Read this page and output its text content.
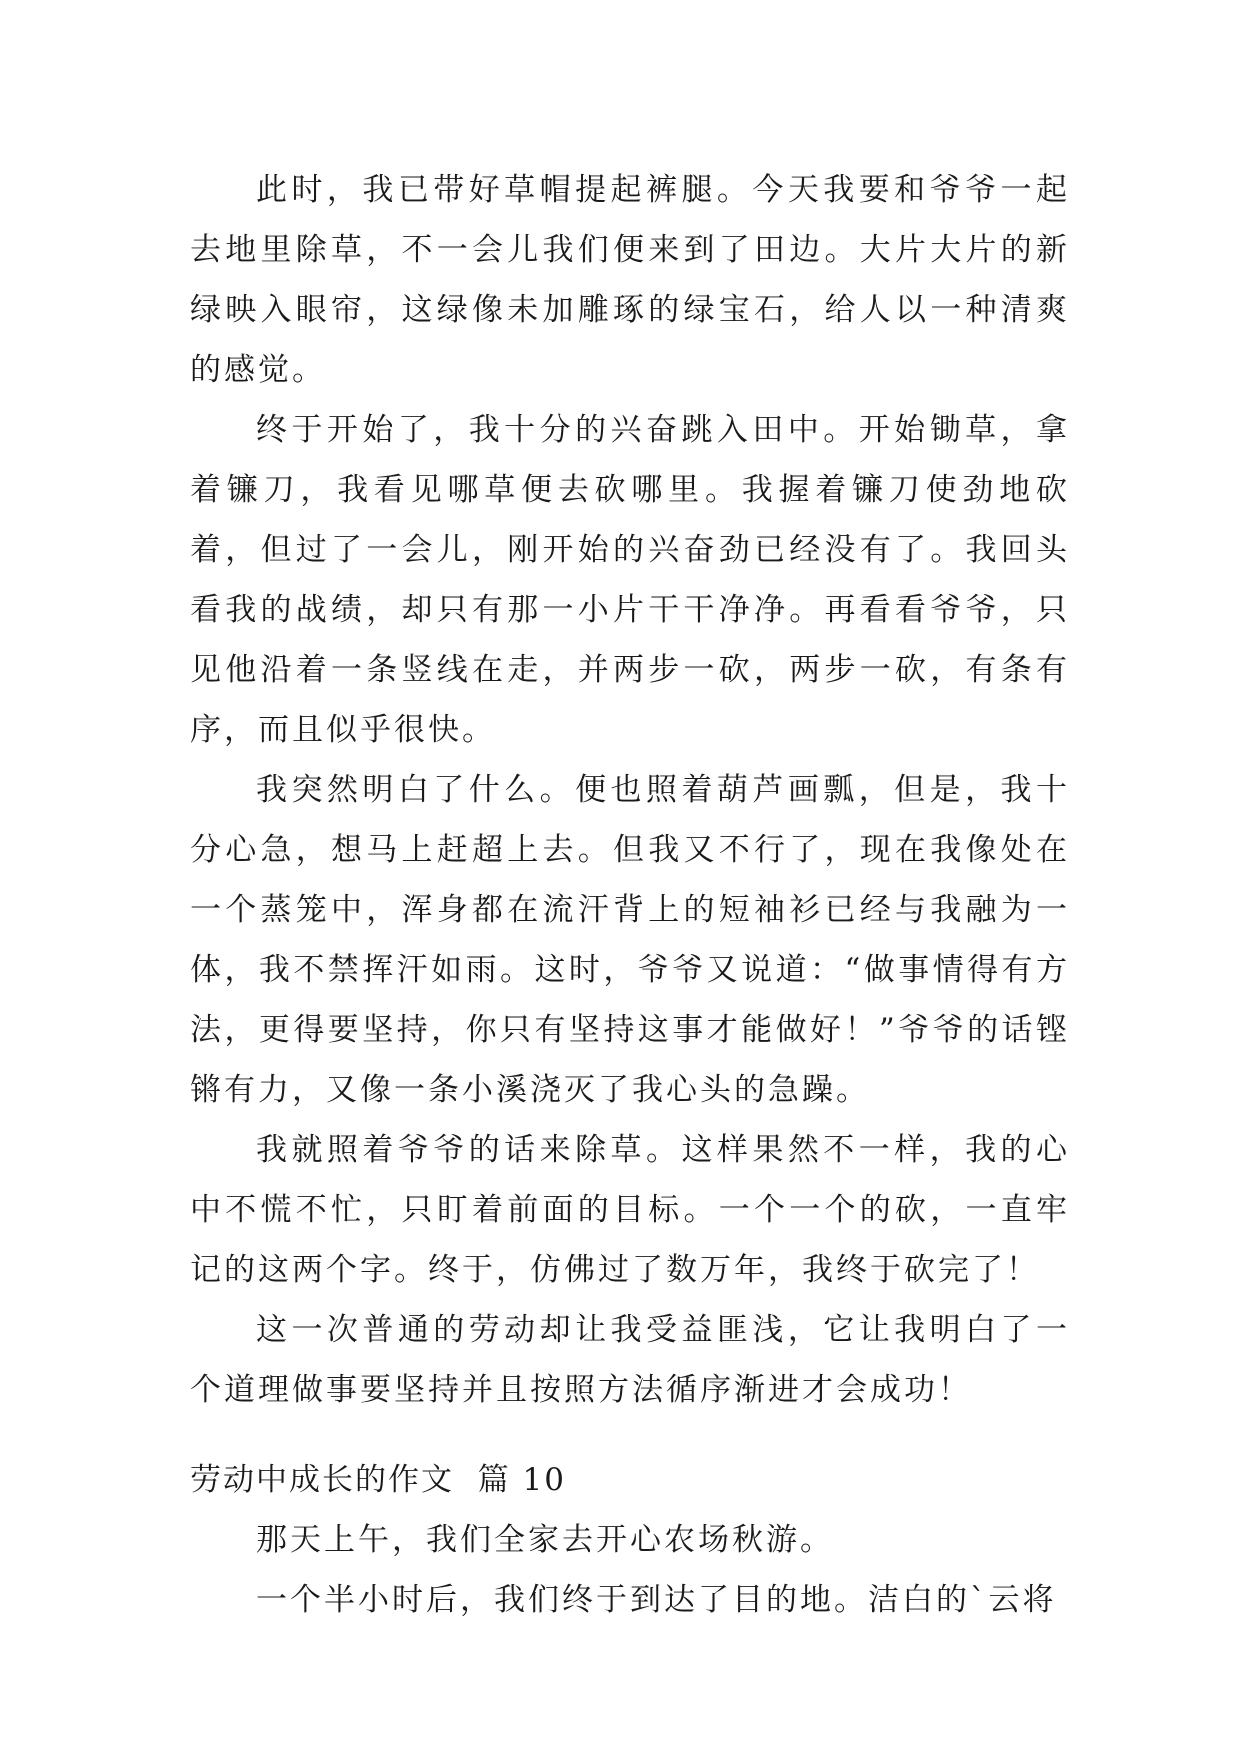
此时，我已带好草帽提起裤腿。今天我要和爷爷一起去地里除草，不一会儿我们便来到了田边。大片大片的新绿映入眼帘，这绿像未加雕琢的绿宝石，给人以一种清爽的感觉。

终于开始了，我十分的兴奋跳入田中。开始锄草，拿着镰刀，我看见哪草便去砍哪里。我握着镰刀使劲地砍着，但过了一会儿，刚开始的兴奋劲已经没有了。我回头看我的战绩，却只有那一小片干干净净。再看看爷爷，只见他沿着一条竖线在走，并两步一砍，两步一砍，有条有序，而且似乎很快。

我突然明白了什么。便也照着葫芦画瓢，但是，我十分心急，想马上赶超上去。但我又不行了，现在我像处在一个蒸笼中，浑身都在流汗背上的短袖衫已经与我融为一体，我不禁挥汗如雨。这时，爷爷又说道：“做事情得有方法，更得要坚持，你只有坚持这事才能做好！”爷爷的话铿锵有力，又像一条小溪浇灭了我心头的急躁。

我就照着爷爷的话来除草。这样果然不一样，我的心中不慌不忙，只盯着前面的目标。一个一个的砍，一直牢记的这两个字。终于，仿佛过了数万年，我终于砍完了！

这一次普通的劳动却让我受益匪浅，它让我明白了一个道理做事要坚持并且按照方法循序渐进才会成功！

劳动中成长的作文  篇 10

那天上午，我们全家去开心农场秋游。

一个半小时后，我们终于到达了目的地。洁白的`云将
